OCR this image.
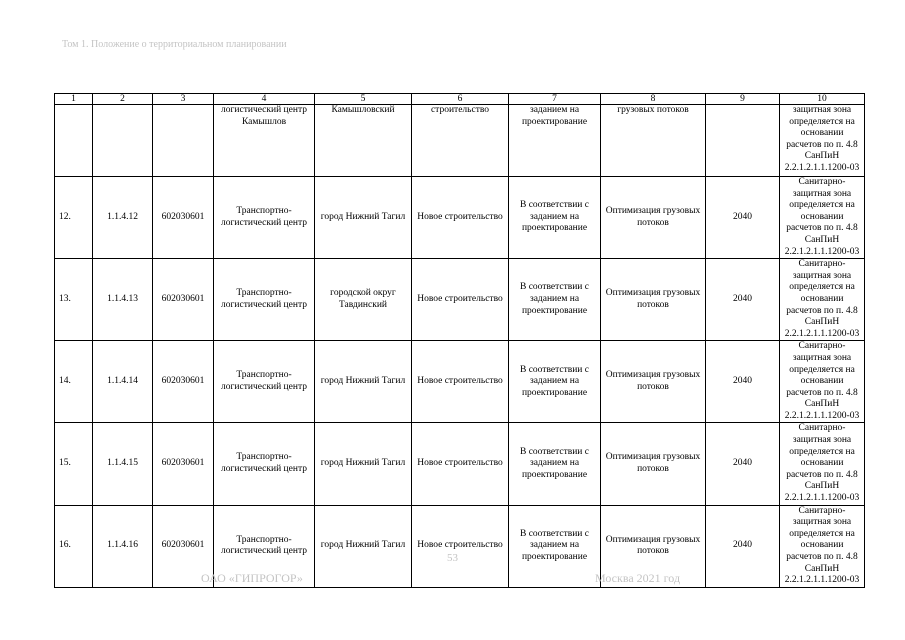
Том 1. Положение о территориальном планировании
1	2	3	4	5	6	7	8	9	10
			логистический центр Камышлов	Камышловский	строительство	заданием на проектирование	грузовых потоков		защитная зона определяется на основании расчетов по п. 4.8 СанПиН 2.2.1.2.1.1.1200-03
12.	1.1.4.12	602030601	Транспортно-логистический центр	город Нижний Тагил	Новое строительство	В соответствии с заданием на проектирование	Оптимизация грузовых потоков	2040	Санитарно-защитная зона определяется на основании расчетов по п. 4.8 СанПиН 2.2.1.2.1.1.1200-03
13.	1.1.4.13	602030601	Транспортно-логистический центр	городской округ Тавдинский	Новое строительство	В соответствии с заданием на проектирование	Оптимизация грузовых потоков	2040	Санитарно-защитная зона определяется на основании расчетов по п. 4.8 СанПиН 2.2.1.2.1.1.1200-03
14.	1.1.4.14	602030601	Транспортно-логистический центр	город Нижний Тагил	Новое строительство	В соответствии с заданием на проектирование	Оптимизация грузовых потоков	2040	Санитарно-защитная зона определяется на основании расчетов по п. 4.8 СанПиН 2.2.1.2.1.1.1200-03
15.	1.1.4.15	602030601	Транспортно-логистический центр	город Нижний Тагил	Новое строительство	В соответствии с заданием на проектирование	Оптимизация грузовых потоков	2040	Санитарно-защитная зона определяется на основании расчетов по п. 4.8 СанПиН 2.2.1.2.1.1.1200-03
16.	1.1.4.16	602030601	Транспортно-логистический центр	город Нижний Тагил	Новое строительство	В соответствии с заданием на проектирование	Оптимизация грузовых потоков	2040	Санитарно-защитная зона определяется на основании расчетов по п. 4.8 СанПиН 2.2.1.2.1.1.1200-03
53
ОАО «ГИПРОГОР»	Москва 2021 год
